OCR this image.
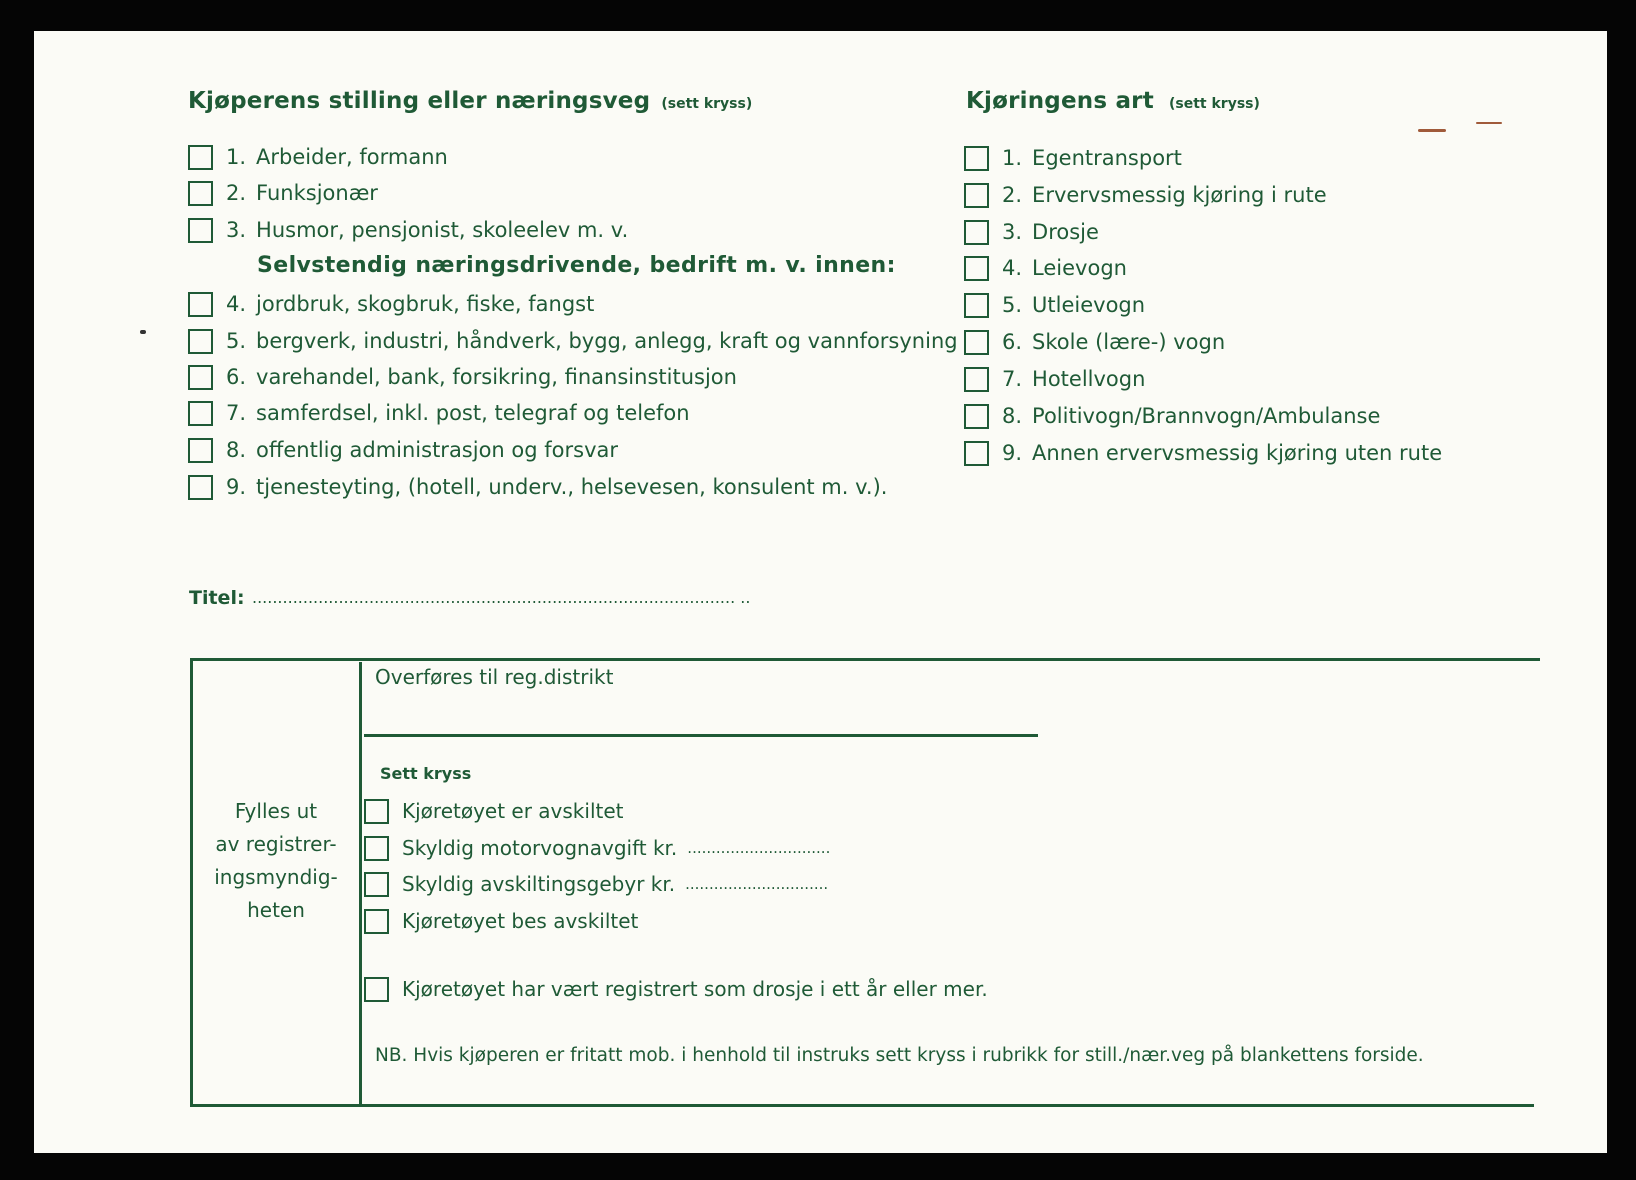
Kjøperens stilling eller næringsveg (sett kryss)
1. Arbeider, formann
2. Funksjonær
3. Husmor, pensjonist, skoleelev m. v.
Selvstendig næringsdrivende, bedrift m. v. innen:
4. jordbruk, skogbruk, fiske, fangst
5. bergverk, industri, håndverk, bygg, anlegg, kraft og vannforsyning
6. varehandel, bank, forsikring, finansinstitusjon
7. samferdsel, inkl. post, telegraf og telefon
8. offentlig administrasjon og forsvar
9. tjenesteyting, (hotell, underv., helsevesen, konsulent m. v.).
Kjøringens art (sett kryss)
1. Egentransport
2. Ervervsmessig kjøring i rute
3. Drosje
4. Leievogn
5. Utleievogn
6. Skole (lære-) vogn
7. Hotellvogn
8. Politivogn/Brannvogn/Ambulanse
9. Annen ervervsmessig kjøring uten rute
Titel: ............................................................................................... ..
Fylles ut
av registrer-
ingsmyndig-
heten
Overføres til reg.distrikt
Sett kryss
Kjøretøyet er avskiltet
Skyldig motorvognavgift kr. ..............................
Skyldig avskiltingsgebyr kr. ..............................
Kjøretøyet bes avskiltet
Kjøretøyet har vært registrert som drosje i ett år eller mer.
NB. Hvis kjøperen er fritatt mob. i henhold til instruks sett kryss i rubrikk for still./nær.veg på blankettens forside.
